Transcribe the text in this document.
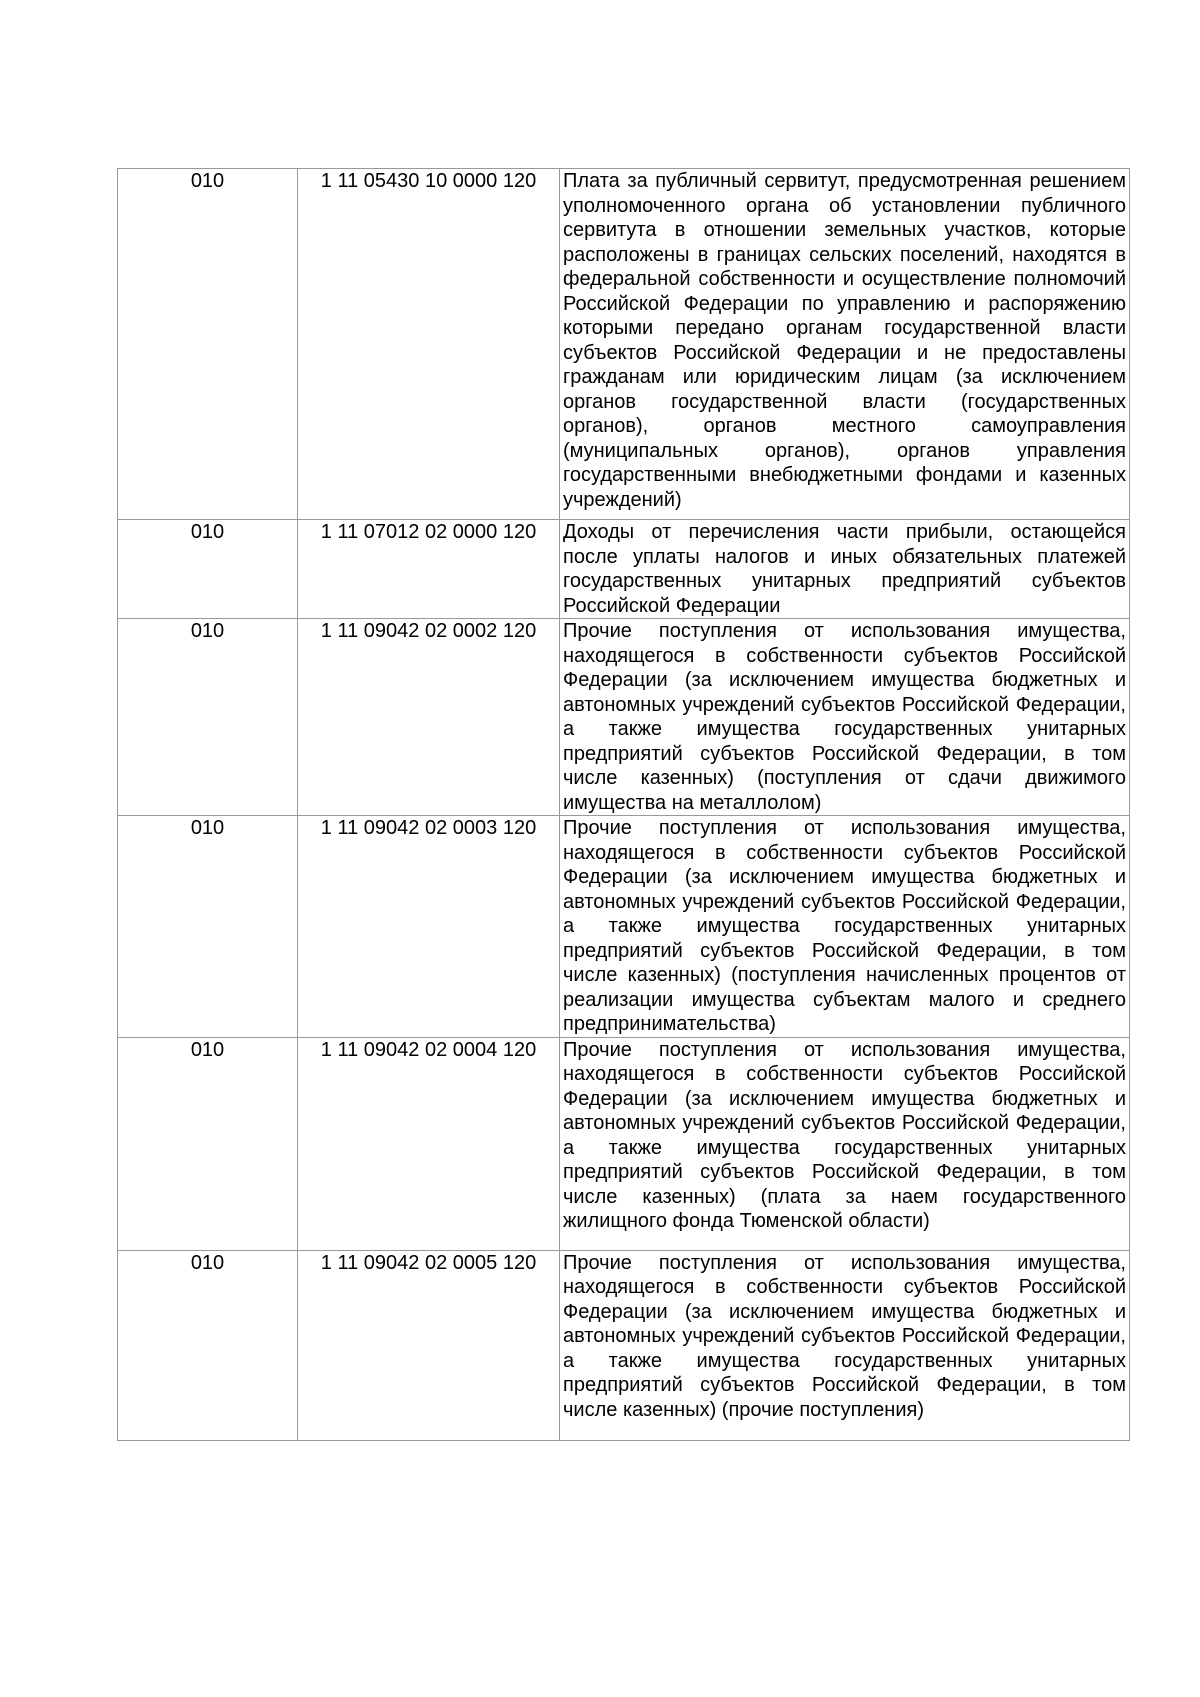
010	1 11 05430 10 0000 120	Плата за публичный сервитут, предусмотренная решением уполномоченного органа об установлении публичного сервитута в отношении земельных участков, которые расположены в границах сельских поселений, находятся в федеральной собственности и осуществление полномочий Российской Федерации по управлению и распоряжению которыми передано органам государственной власти субъектов Российской Федерации и не предоставлены гражданам или юридическим лицам (за исключением органов государственной власти (государственных органов), органов местного самоуправления (муниципальных органов), органов управления государственными внебюджетными фондами и казенных учреждений)

010	1 11 07012 02 0000 120	Доходы от перечисления части прибыли, остающейся после уплаты налогов и иных обязательных платежей государственных унитарных предприятий субъектов Российской Федерации

010	1 11 09042 02 0002 120	Прочие поступления от использования имущества, находящегося в собственности субъектов Российской Федерации (за исключением имущества бюджетных и автономных учреждений субъектов Российской Федерации, а также имущества государственных унитарных предприятий субъектов Российской Федерации, в том числе казенных) (поступления от сдачи движимого имущества на металлолом)

010	1 11 09042 02 0003 120	Прочие поступления от использования имущества, находящегося в собственности субъектов Российской Федерации (за исключением имущества бюджетных и автономных учреждений субъектов Российской Федерации, а также имущества государственных унитарных предприятий субъектов Российской Федерации, в том числе казенных) (поступления начисленных процентов от реализации имущества субъектам малого и среднего предпринимательства)

010	1 11 09042 02 0004 120	Прочие поступления от использования имущества, находящегося в собственности субъектов Российской Федерации (за исключением имущества бюджетных и автономных учреждений субъектов Российской Федерации, а также имущества государственных унитарных предприятий субъектов Российской Федерации, в том числе казенных) (плата за наем государственного жилищного фонда Тюменской области)

010	1 11 09042 02 0005 120	Прочие поступления от использования имущества, находящегося в собственности субъектов Российской Федерации (за исключением имущества бюджетных и автономных учреждений субъектов Российской Федерации, а также имущества государственных унитарных предприятий субъектов Российской Федерации, в том числе казенных) (прочие поступления)
